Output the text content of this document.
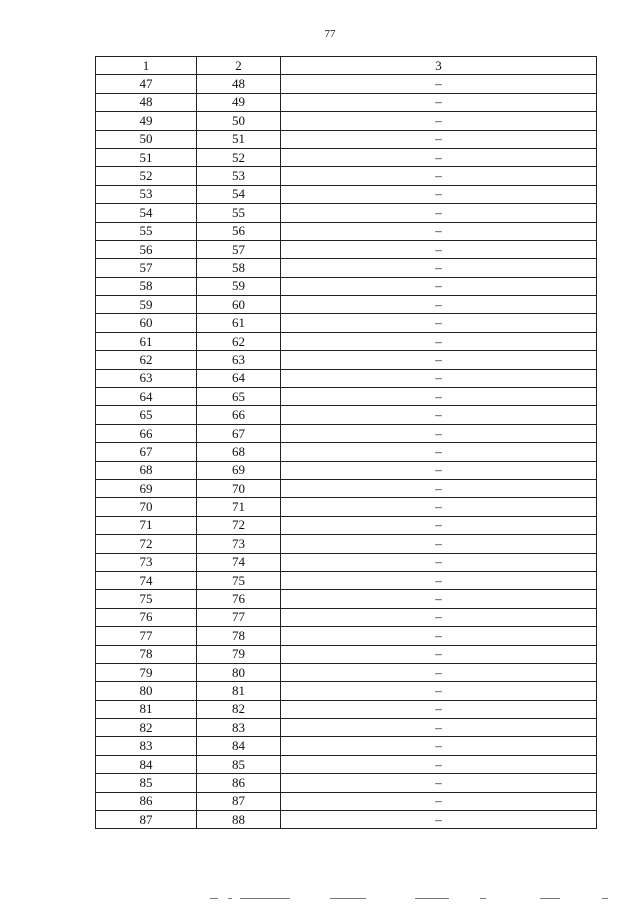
77
1	2	3
47	48	–
48	49	–
49	50	–
50	51	–
51	52	–
52	53	–
53	54	–
54	55	–
55	56	–
56	57	–
57	58	–
58	59	–
59	60	–
60	61	–
61	62	–
62	63	–
63	64	–
64	65	–
65	66	–
66	67	–
67	68	–
68	69	–
69	70	–
70	71	–
71	72	–
72	73	–
73	74	–
74	75	–
75	76	–
76	77	–
77	78	–
78	79	–
79	80	–
80	81	–
81	82	–
82	83	–
83	84	–
84	85	–
85	86	–
86	87	–
87	88	–
